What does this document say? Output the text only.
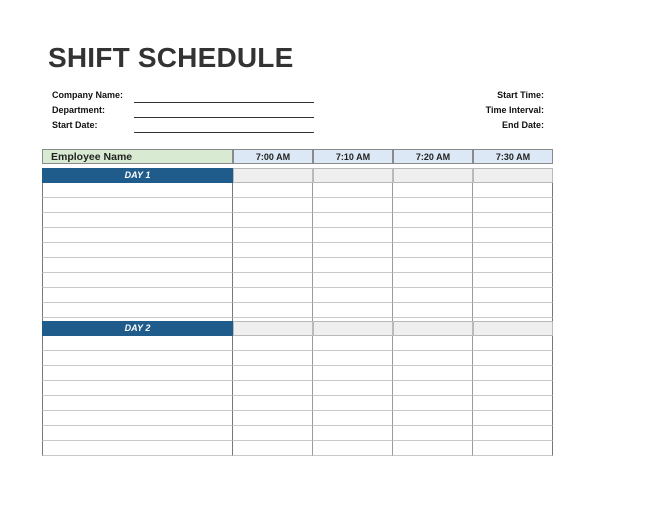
SHIFT SCHEDULE
Company Name:
Department:
Start Date:
Start Time:
Time Interval:
End Date:
Employee Name	7:00 AM	7:10 AM	7:20 AM	7:30 AM
DAY 1
DAY 2
